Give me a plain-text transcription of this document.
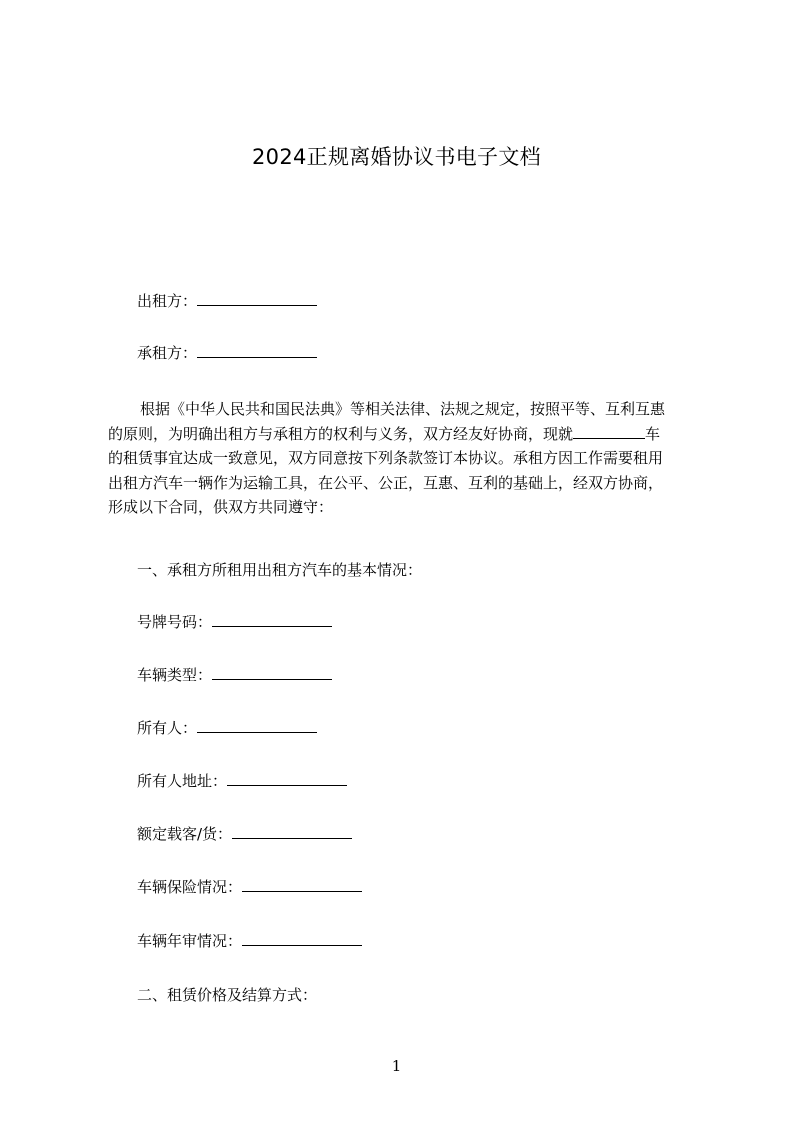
2024正规离婚协议书电子文档
出租方：
承租方：
根据《中华人民共和国民法典》等相关法律、法规之规定，按照平等、互利互惠
的原则，为明确出租方与承租方的权利与义务，双方经友好协商，现就	车
的租赁事宜达成一致意见，双方同意按下列条款签订本协议。承租方因工作需要租用
出租方汽车一辆作为运输工具，在公平、公正，互惠、互利的基础上，经双方协商，
形成以下合同，供双方共同遵守：
一、承租方所租用出租方汽车的基本情况：
号牌号码：
车辆类型：
所有人：
所有人地址：
额定载客/货：
车辆保险情况：
车辆年审情况：
二、租赁价格及结算方式：
1
